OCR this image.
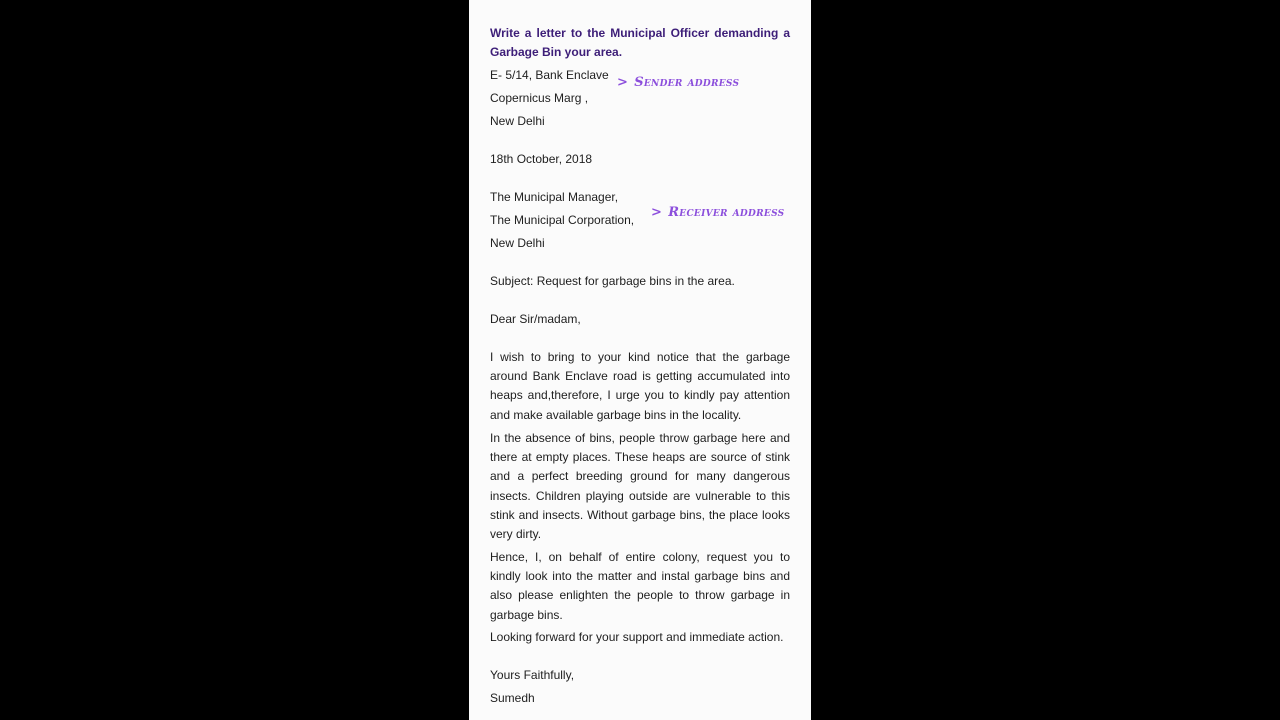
Write a letter to the Municipal Officer demanding a Garbage Bin your area.
E- 5/14, Bank Enclave
Copernicus Marg ,
New Delhi
> Sender address
18th October, 2018
The Municipal Manager,
The Municipal Corporation,
New Delhi
> Receiver address
Subject: Request for garbage bins in the area.
Dear Sir/madam,
I wish to bring to your kind notice that the garbage around Bank Enclave road is getting accumulated into heaps and,therefore, I urge you to kindly pay attention and make available garbage bins in the locality.
In the absence of bins, people throw garbage here and there at empty places. These heaps are source of stink and a perfect breeding ground for many dangerous insects. Children playing outside are vulnerable to this stink and insects. Without garbage bins, the place looks very dirty.
Hence, I, on behalf of entire colony, request you to kindly look into the matter and instal garbage bins and also please enlighten the people to throw garbage in garbage bins.
Looking forward for your support and immediate action.
Yours Faithfully,
Sumedh
